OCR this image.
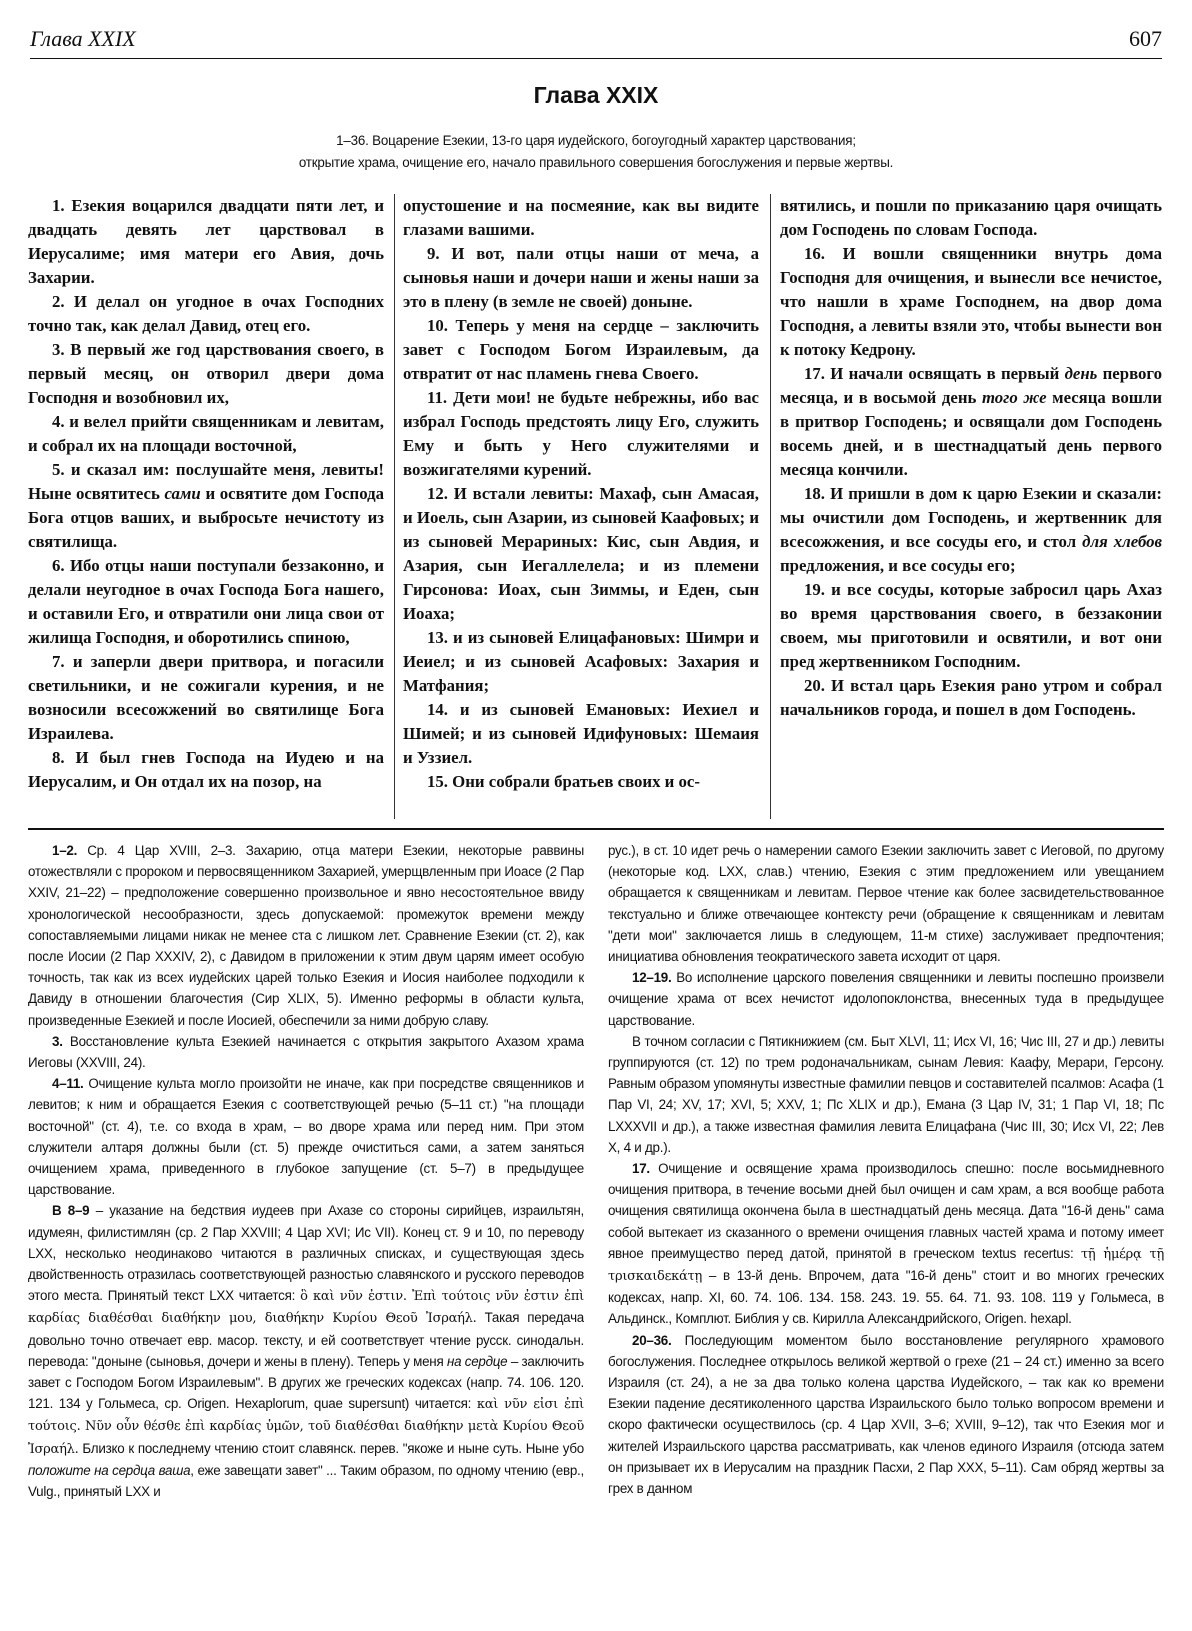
Глава XXIX	607
Глава XXIX
1–36. Воцарение Езекии, 13-го царя иудейского, богоугодный характер царствования;
открытие храма, очищение его, начало правильного совершения богослужения и первые жертвы.

1. Езекия воцарился двадцати пяти лет, и двадцать девять лет царствовал в Иерусалиме; имя матери его Авия, дочь Захарии.

2. И делал он угодное в очах Господних точно так, как делал Давид, отец его.

3. В первый же год царствования своего, в первый месяц, он отворил двери дома Господня и возобновил их,

4. и велел прийти священникам и левитам, и собрал их на площади восточной,

5. и сказал им: послушайте меня, левиты! Ныне освятитесь сами и освятите дом Господа Бога отцов ваших, и выбросьте нечистоту из святилища.

6. Ибо отцы наши поступали беззаконно, и делали неугодное в очах Господа Бога нашего, и оставили Его, и отвратили они лица свои от жилища Господня, и оборотились спиною,

7. и заперли двери притвора, и погасили светильники, и не сожигали курения, и не возносили всесожжений во святилище Бога Израилева.

8. И был гнев Господа на Иудею и на Иерусалим, и Он отдал их на позор, на

опустошение и на посмеяние, как вы видите глазами вашими.

9. И вот, пали отцы наши от меча, а сыновья наши и дочери наши и жены наши за это в плену (в земле не своей) доныне.

10. Теперь у меня на сердце – заключить завет с Господом Богом Израилевым, да отвратит от нас пламень гнева Своего.

11. Дети мои! не будьте небрежны, ибо вас избрал Господь предстоять лицу Его, служить Ему и быть у Него служителями и возжигателями курений.

12. И встали левиты: Махаф, сын Амасая, и Иоель, сын Азарии, из сыновей Каафовых; и из сыновей Мерариных: Кис, сын Авдия, и Азария, сын Иегаллелела; и из племени Гирсонова: Иоах, сын Зиммы, и Еден, сын Иоаха;

13. и из сыновей Елицафановых: Шимри и Иеиел; и из сыновей Асафовых: Захария и Матфания;

14. и из сыновей Емановых: Иехиел и Шимей; и из сыновей Идифуновых: Шемаия и Уззиел.

15. Они собрали братьев своих и ос-

вятились, и пошли по приказанию царя очищать дом Господень по словам Господа.

16. И вошли священники внутрь дома Господня для очищения, и вынесли все нечистое, что нашли в храме Господнем, на двор дома Господня, а левиты взяли это, чтобы вынести вон к потоку Кедрону.

17. И начали освящать в первый день первого месяца, и в восьмой день того же месяца вошли в притвор Господень; и освящали дом Господень восемь дней, и в шестнадцатый день первого месяца кончили.

18. И пришли в дом к царю Езекии и сказали: мы очистили дом Господень, и жертвенник для всесожжения, и все сосуды его, и стол для хлебов предложения, и все сосуды его;

19. и все сосуды, которые забросил царь Ахаз во время царствования своего, в беззаконии своем, мы приготовили и освятили, и вот они пред жертвенником Господним.

20. И встал царь Езекия рано утром и собрал начальников города, и пошел в дом Господень.

1–2. Ср. 4 Цар XVIII, 2–3. Захарию, отца матери Езекии, некоторые раввины отожествляли с пророком и первосвященником Захарией, умерщвленным при Иоасе (2 Пар XXIV, 21–22) – предположение совершенно произвольное и явно несостоятельное ввиду хронологической несообразности, здесь допускаемой: промежуток времени между сопоставляемыми лицами никак не менее ста с лишком лет. Сравнение Езекии (ст. 2), как после Иосии (2 Пар XXXIV, 2), с Давидом в приложении к этим двум царям имеет особую точность, так как из всех иудейских царей только Езекия и Иосия наиболее подходили к Давиду в отношении благочестия (Сир XLIX, 5). Именно реформы в области культа, произведенные Езекией и после Иосией, обеспечили за ними добрую славу.

3. Восстановление культа Езекией начинается с открытия закрытого Ахазом храма Иеговы (XXVIII, 24).

4–11. Очищение культа могло произойти не иначе, как при посредстве священников и левитов; к ним и обращается Езекия с соответствующей речью (5–11 ст.) "на площади восточной" (ст. 4), т.е. со входа в храм, – во дворе храма или перед ним. При этом служители алтаря должны были (ст. 5) прежде очиститься сами, а затем заняться очищением храма, приведенного в глубокое запущение (ст. 5–7) в предыдущее царствование.

В 8–9 – указание на бедствия иудеев при Ахазе со стороны сирийцев, израильтян, идумеян, филистимлян (ср. 2 Пар XXVIII; 4 Цар XVI; Ис VII). Конец ст. 9 и 10, по переводу LXX, несколько неодинаково читаются в различных списках, и существующая здесь двойственность отразилась соответствующей разностью славянского и русского переводов этого места. Принятый текст LXX читается: ὃ καὶ νῦν ἐστιν. Ἐπὶ τούτοις νῦν ἐστιν ἐπὶ καρδίας διαθέσθαι διαθήκην μου, διαθήκην Κυρίου Θεοῦ Ἰσραήλ. Такая передача довольно точно отвечает евр. масор. тексту, и ей соответствует чтение русск. синодальн. перевода: "доныне (сыновья, дочери и жены в плену). Теперь у меня на сердце – заключить завет с Господом Богом Израилевым". В других же греческих кодексах (напр. 74. 106. 120. 121. 134 у Гольмеса, ср. Origen. Hexaplorum, quae supersunt) читается: καὶ νῦν εἰσι ἐπὶ τούτοις. Νῦν οὖν θέσθε ἐπὶ καρδίας ὑμῶν, τοῦ διαθέσθαι διαθήκην μετὰ Κυρίου Θεοῦ Ἰσραήλ. Близко к последнему чтению стоит славянск. перев. "якоже и ныне суть. Ныне убо положите на сердца ваша, еже завещати завет" ... Таким образом, по одному чтению (евр., Vulg., принятый LXX и

рус.), в ст. 10 идет речь о намерении самого Езекии заключить завет с Иеговой, по другому (некоторые код. LXX, слав.) чтению, Езекия с этим предложением или увещанием обращается к священникам и левитам. Первое чтение как более засвидетельствованное текстуально и ближе отвечающее контексту речи (обращение к священникам и левитам "дети мои" заключается лишь в следующем, 11-м стихе) заслуживает предпочтения; инициатива обновления теократического завета исходит от царя.

12–19. Во исполнение царского повеления священники и левиты поспешно произвели очищение храма от всех нечистот идолопоклонства, внесенных туда в предыдущее царствование.

В точном согласии с Пятикнижием (см. Быт XLVI, 11; Исх VI, 16; Чис III, 27 и др.) левиты группируются (ст. 12) по трем родоначальникам, сынам Левия: Каафу, Мерари, Герсону. Равным образом упомянуты известные фамилии певцов и составителей псалмов: Асафа (1 Пар VI, 24; XV, 17; XVI, 5; XXV, 1; Пс XLIX и др.), Емана (3 Цар IV, 31; 1 Пар VI, 18; Пс LXXXVII и др.), а также известная фамилия левита Елицафана (Чис III, 30; Исх VI, 22; Лев X, 4 и др.).

17. Очищение и освящение храма производилось спешно: после восьмидневного очищения притвора, в течение восьми дней был очищен и сам храм, а вся вообще работа очищения святилища окончена была в шестнадцатый день месяца. Дата "16-й день" сама собой вытекает из сказанного о времени очищения главных частей храма и потому имеет явное преимущество перед датой, принятой в греческом textus recertus: τῇ ἡμέρᾳ τῇ τρισκαιδεκάτῃ – в 13-й день. Впрочем, дата "16-й день" стоит и во многих греческих кодексах, напр. XI, 60. 74. 106. 134. 158. 243. 19. 55. 64. 71. 93. 108. 119 у Гольмеса, в Альдинск., Комплют. Библия у св. Кирилла Александрийского, Origen. hexapl.

20–36. Последующим моментом было восстановление регулярного храмового богослужения. Последнее открылось великой жертвой о грехе (21 – 24 ст.) именно за всего Израиля (ст. 24), а не за два только колена царства Иудейского, – так как ко времени Езекии падение десятиколенного царства Израильского было только вопросом времени и скоро фактически осуществилось (ср. 4 Цар XVII, 3–6; XVIII, 9–12), так что Езекия мог и жителей Израильского царства рассматривать, как членов единого Израиля (отсюда затем он призывает их в Иерусалим на праздник Пасхи, 2 Пар XXX, 5–11). Сам обряд жертвы за грех в данном
